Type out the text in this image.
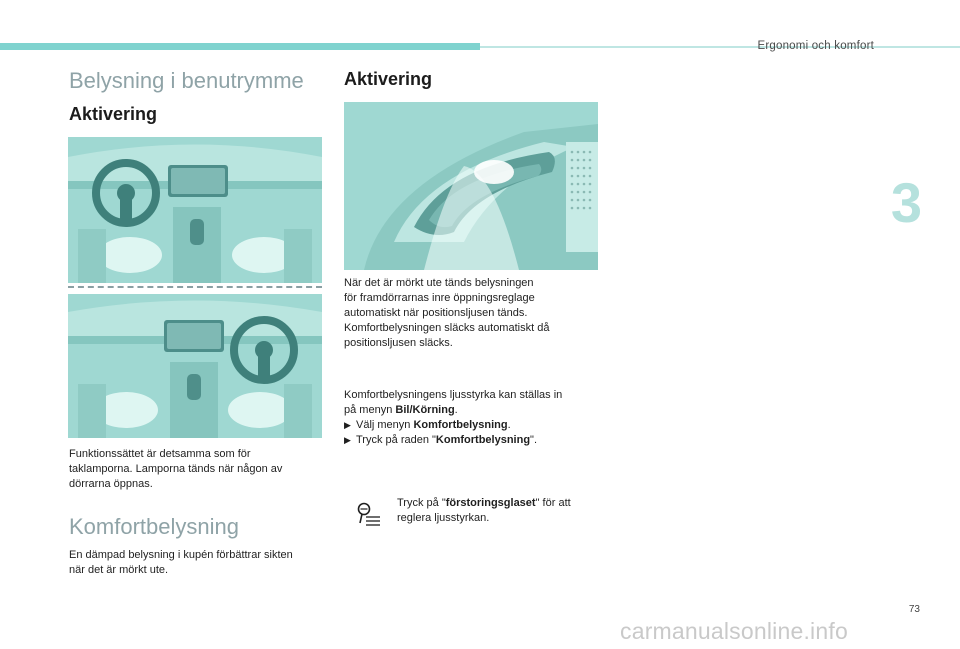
Ergonomi och komfort
3
Belysning i benutrymme
Aktivering
Funktionssättet är detsamma som för
taklamporna. Lamporna tänds när någon av
dörrarna öppnas.
Komfortbelysning
En dämpad belysning i kupén förbättrar sikten
när det är mörkt ute.
Aktivering
När det är mörkt ute tänds belysningen
för framdörrarnas inre öppningsreglage
automatiskt när positionsljusen tänds.
Komfortbelysningen släcks automatiskt då
positionsljusen släcks.
Komfortbelysningens ljusstyrka kan ställas in
på menyn Bil/Körning.
▶ Välj menyn Komfortbelysning.
▶ Tryck på raden "Komfortbelysning".
Tryck på "förstoringsglaset" för att
reglera ljusstyrkan.
73
carmanualsonline.info
